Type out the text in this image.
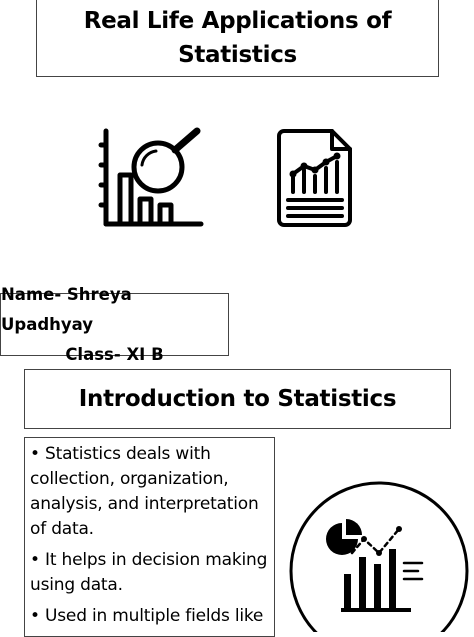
Real Life Applications of
Statistics
Name- Shreya Upadhyay
Class- XI B
Introduction to Statistics

• Statistics deals with collection, organization, analysis, and interpretation of data.

• It helps in decision making using data.

• Used in multiple fields like
